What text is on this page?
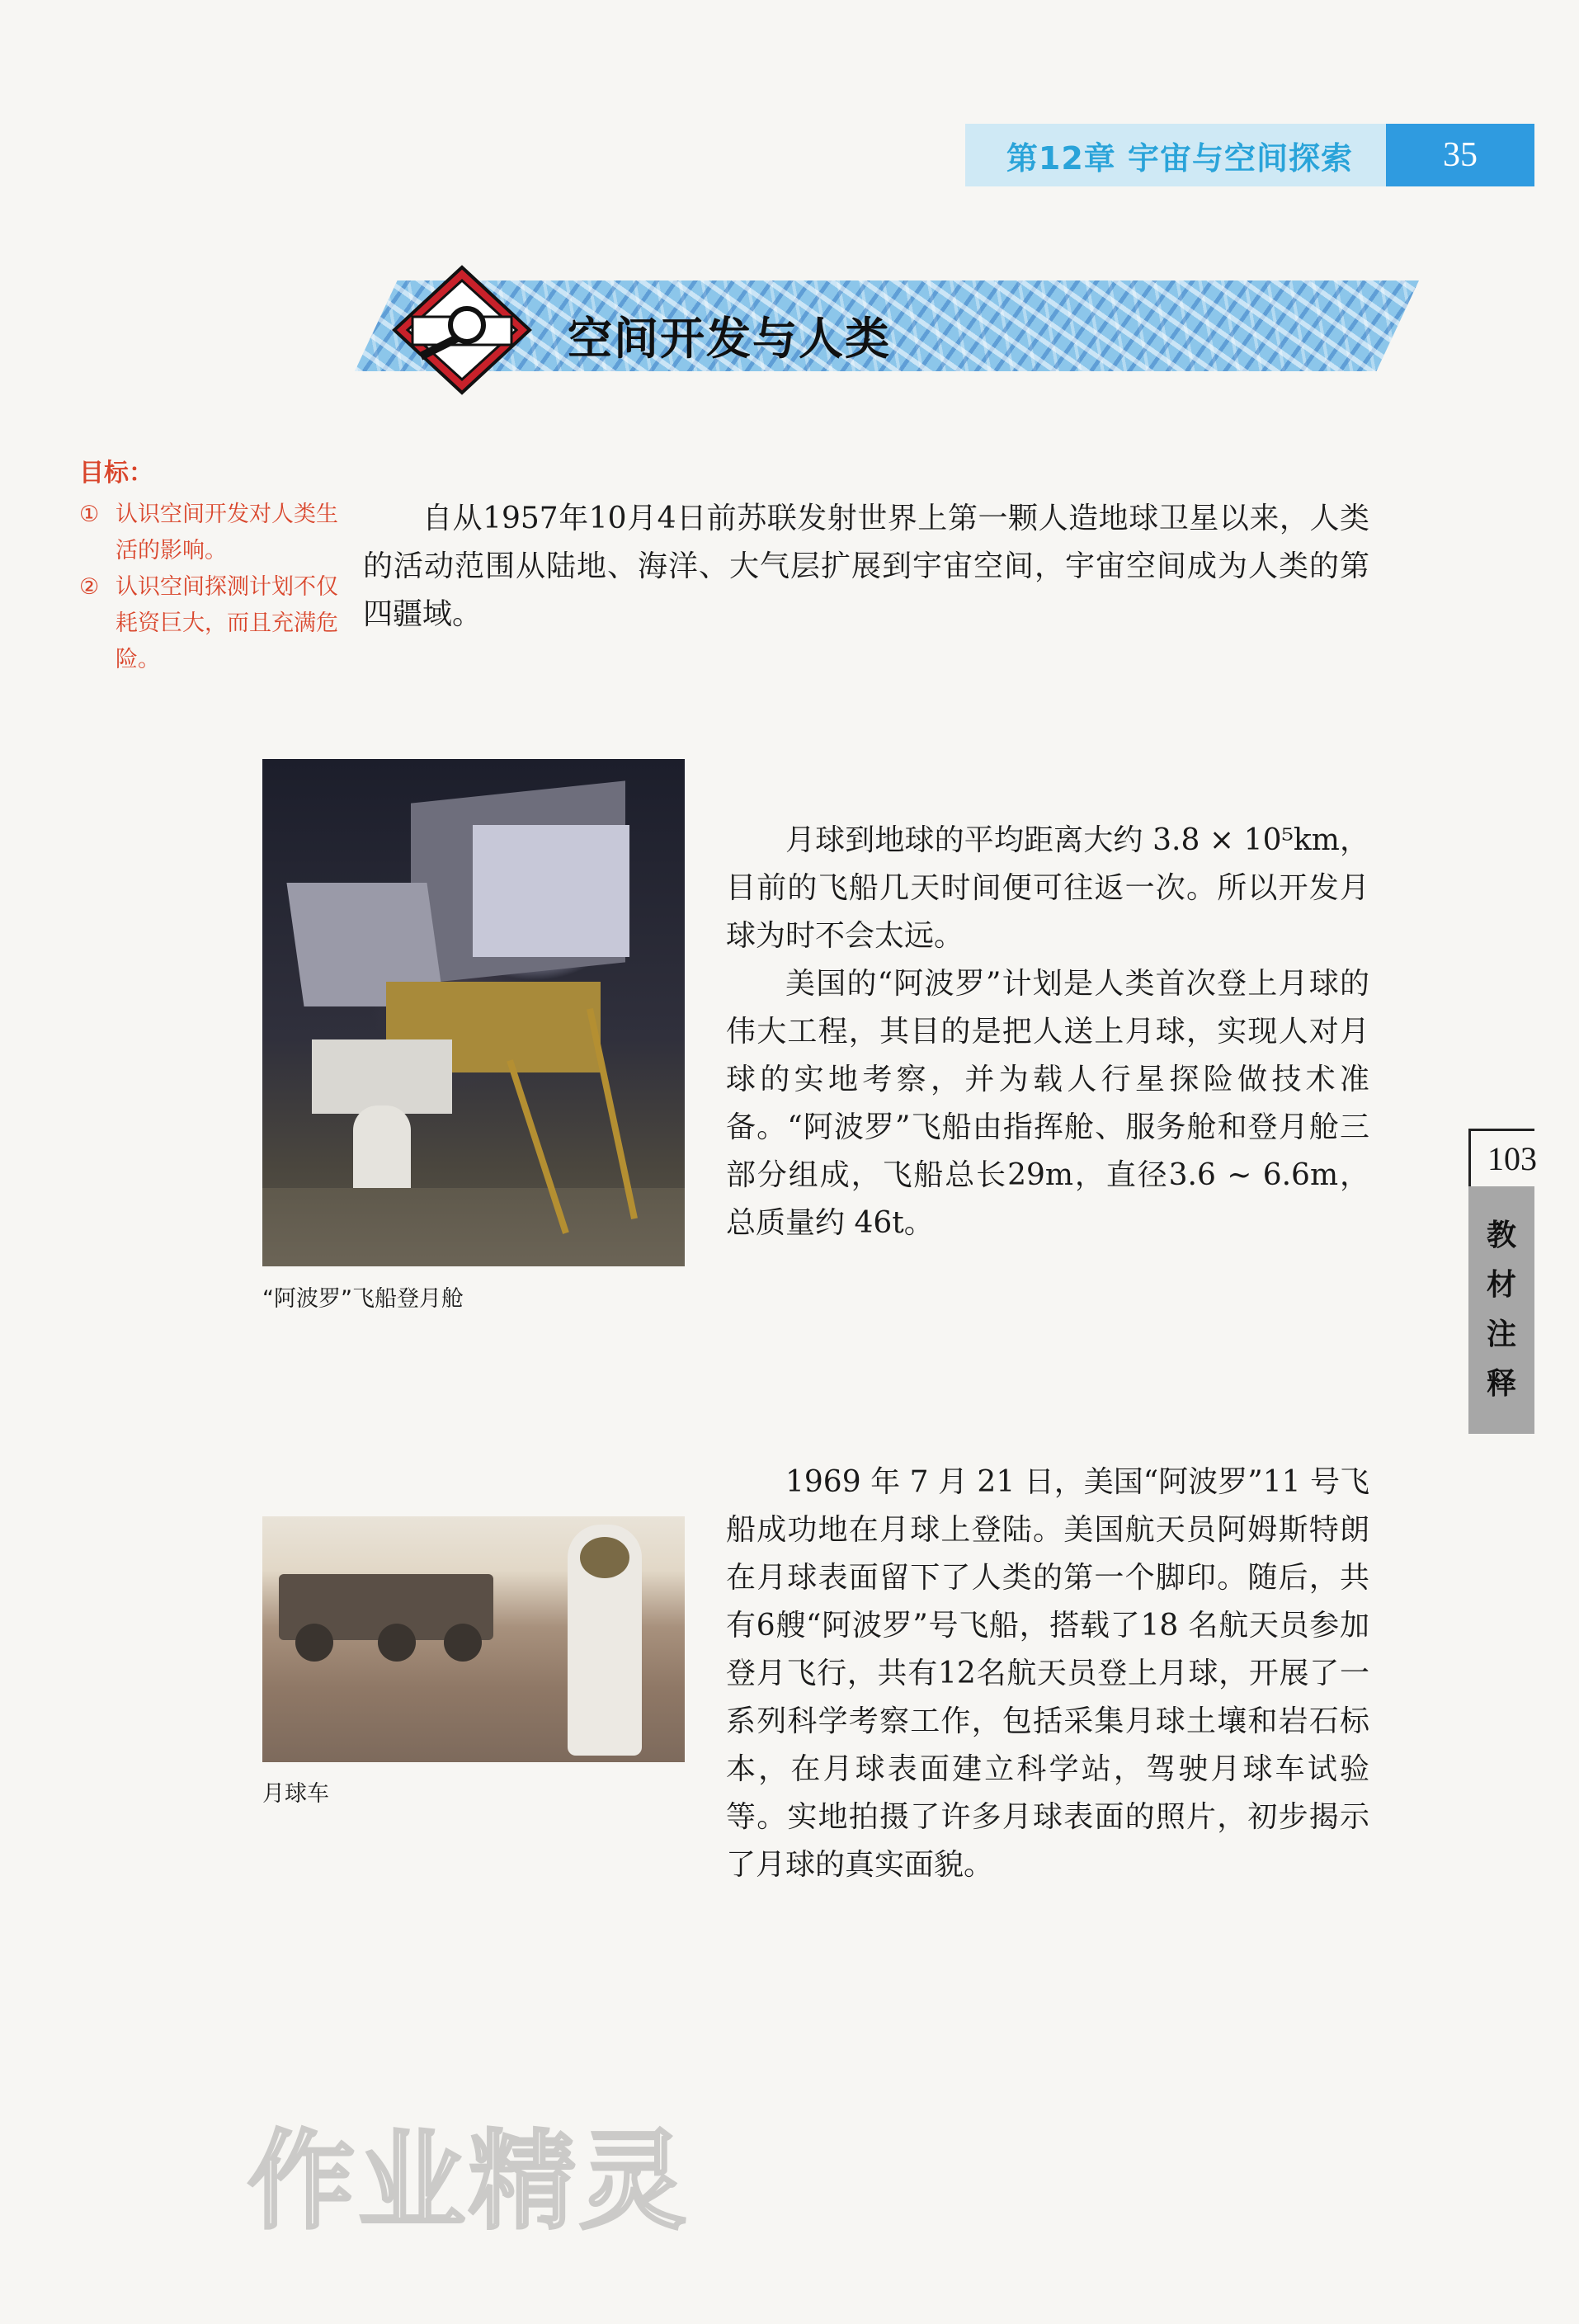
第12章 宇宙与空间探索	35
空间开发与人类
目标：
① 认识空间开发对人类生活的影响。
② 认识空间探测计划不仅耗资巨大，而且充满危险。

自从1957年10月4日前苏联发射世界上第一颗人造地球卫星以来，人类的活动范围从陆地、海洋、大气层扩展到宇宙空间，宇宙空间成为人类的第四疆域。

“阿波罗”飞船登月舱

月球到地球的平均距离大约 3.8 × 10⁵km，目前的飞船几天时间便可往返一次。所以开发月球为时不会太远。

美国的“阿波罗”计划是人类首次登上月球的伟大工程，其目的是把人送上月球，实现人对月球的实地考察，并为载人行星探险做技术准备。“阿波罗”飞船由指挥舱、服务舱和登月舱三部分组成，飞船总长29m，直径3.6 ~ 6.6m，总质量约 46t。

103
教
材
注
释
月球车

1969 年 7 月 21 日，美国“阿波罗”11 号飞船成功地在月球上登陆。美国航天员阿姆斯特朗在月球表面留下了人类的第一个脚印。随后，共有6艘“阿波罗”号飞船，搭载了18 名航天员参加登月飞行，共有12名航天员登上月球，开展了一系列科学考察工作，包括采集月球土壤和岩石标本，在月球表面建立科学站，驾驶月球车试验等。实地拍摄了许多月球表面的照片，初步揭示了月球的真实面貌。

作业精灵
